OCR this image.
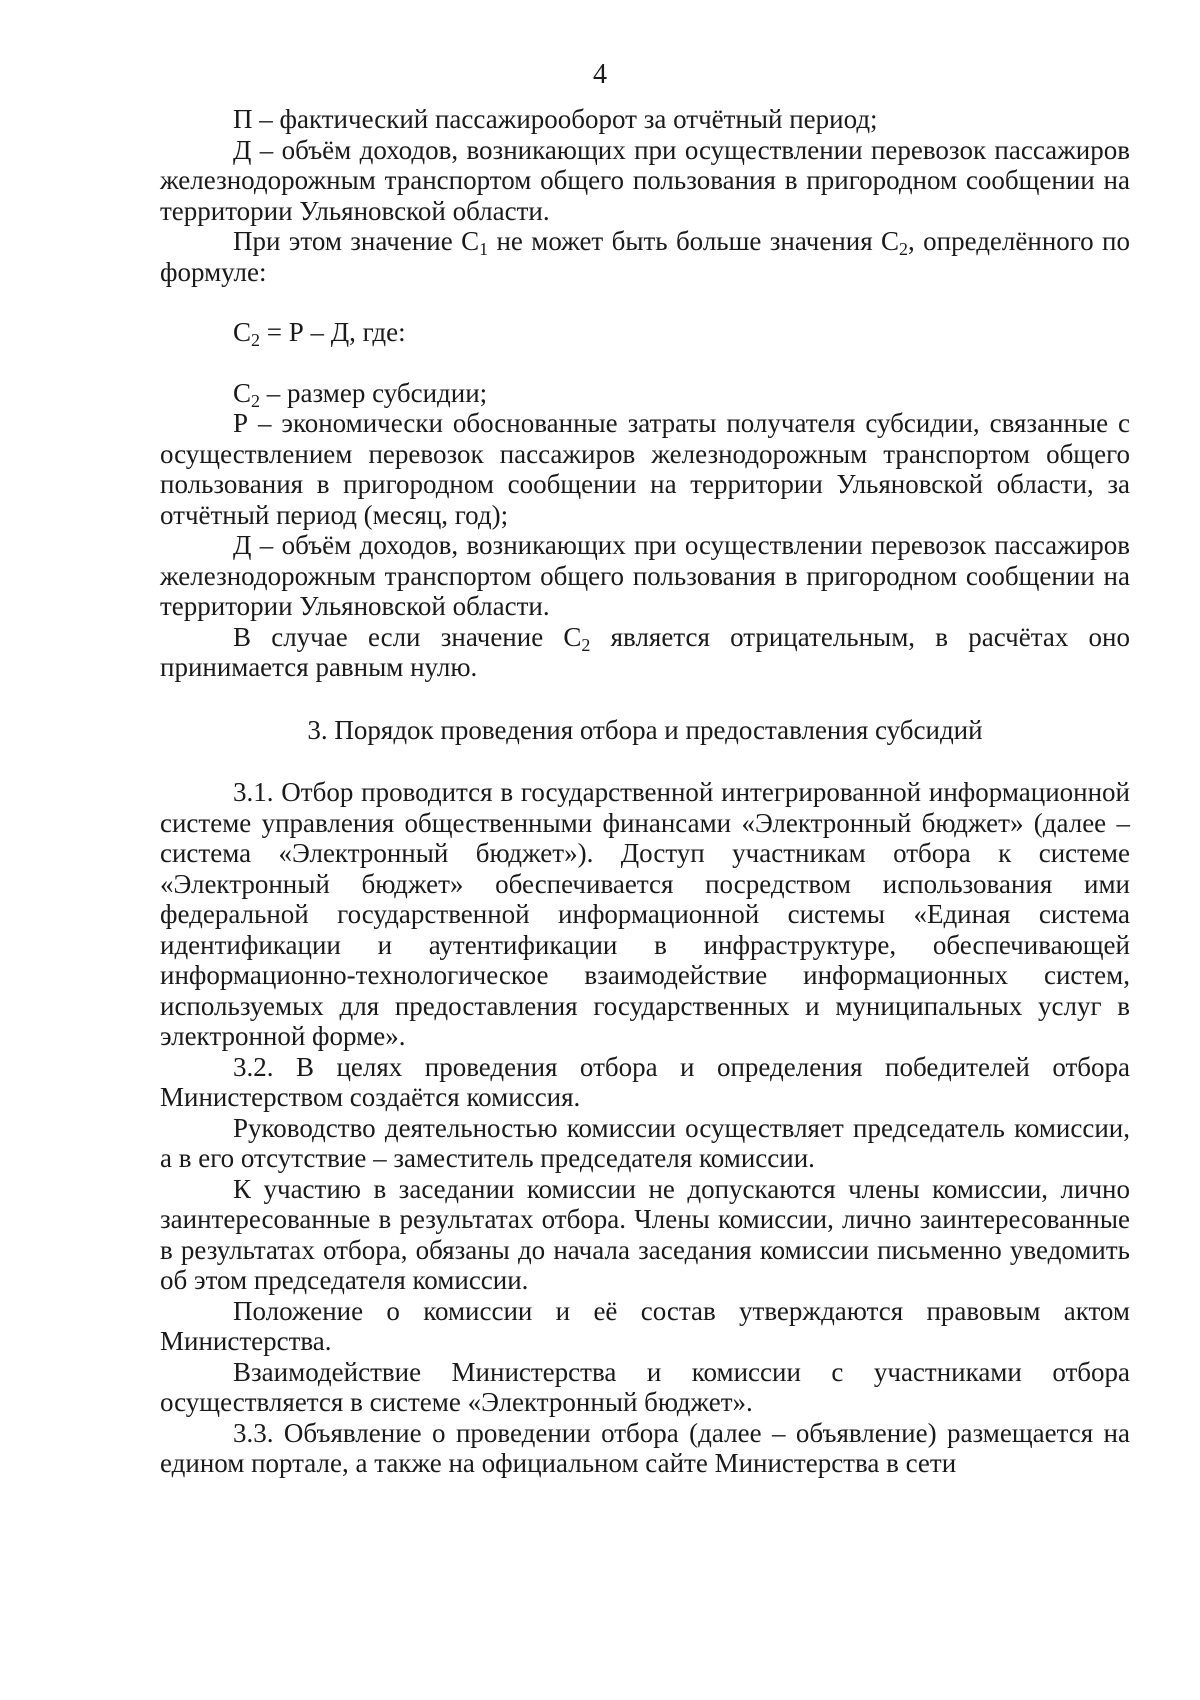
4

П – фактический пассажирооборот за отчётный период;

Д – объём доходов, возникающих при осуществлении перевозок пассажиров железнодорожным транспортом общего пользования в пригородном сообщении на территории Ульяновской области.

При этом значение $С_1$ не может быть больше значения $С_2$, определённого по формуле:

$С_2 = Р - Д$, где:

$С_2$ – размер субсидии;

Р – экономически обоснованные затраты получателя субсидии, связанные с осуществлением перевозок пассажиров железнодорожным транспортом общего пользования в пригородном сообщении на территории Ульяновской области, за отчётный период (месяц, год);

Д – объём доходов, возникающих при осуществлении перевозок пассажиров железнодорожным транспортом общего пользования в пригородном сообщении на территории Ульяновской области.

В случае если значение $С_2$ является отрицательным, в расчётах оно принимается равным нулю.

3. Порядок проведения отбора и предоставления субсидий

3.1. Отбор проводится в государственной интегрированной информационной системе управления общественными финансами «Электронный бюджет» (далее – система «Электронный бюджет»). Доступ участникам отбора к системе «Электронный бюджет» обеспечивается посредством использования ими федеральной государственной информационной системы «Единая система идентификации и аутентификации в инфраструктуре, обеспечивающей информационно-технологическое взаимодействие информационных систем, используемых для предоставления государственных и муниципальных услуг в электронной форме».

3.2. В целях проведения отбора и определения победителей отбора Министерством создаётся комиссия.

Руководство деятельностью комиссии осуществляет председатель комиссии, а в его отсутствие – заместитель председателя комиссии.

К участию в заседании комиссии не допускаются члены комиссии, лично заинтересованные в результатах отбора. Члены комиссии, лично заинтересованные в результатах отбора, обязаны до начала заседания комиссии письменно уведомить об этом председателя комиссии.

Положение о комиссии и её состав утверждаются правовым актом Министерства.

Взаимодействие Министерства и комиссии с участниками отбора осуществляется в системе «Электронный бюджет».

3.3. Объявление о проведении отбора (далее – объявление) размещается на едином портале, а также на официальном сайте Министерства в сети
